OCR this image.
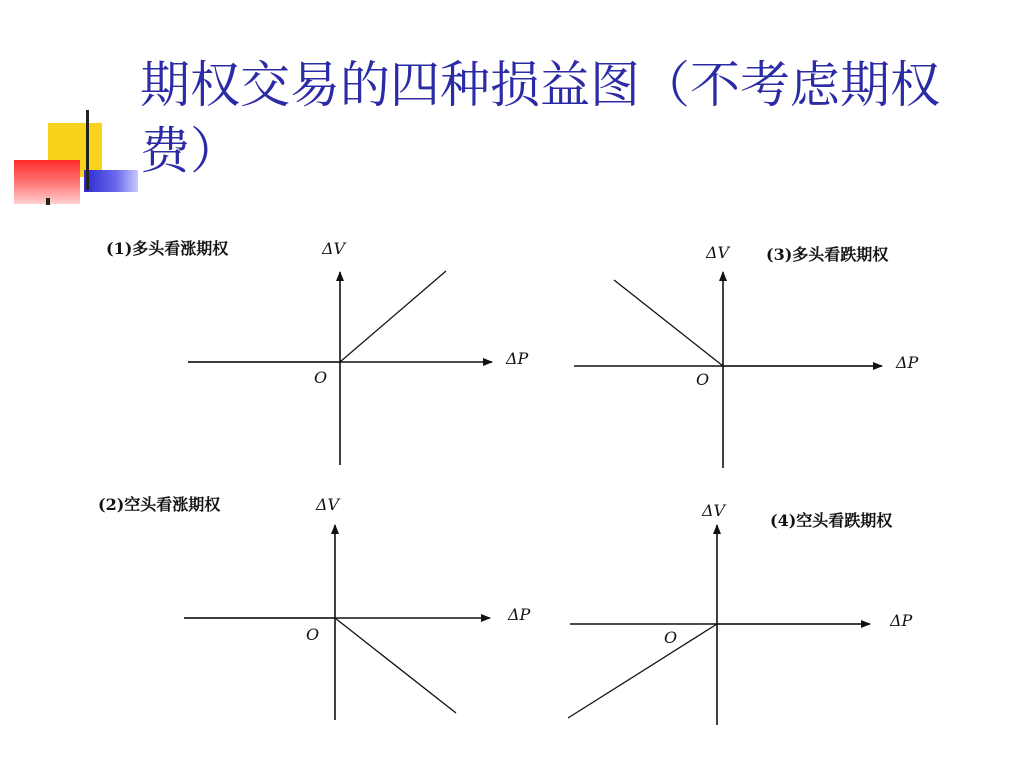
期权交易的四种损益图（不考虑期权费）
(1)多头看涨期权	ΔV
ΔP
O
ΔV (3)多头看跌期权
ΔP
O
(2)空头看涨期权	ΔV
ΔP
O
ΔV
(4)空头看跌期权
ΔP
O
